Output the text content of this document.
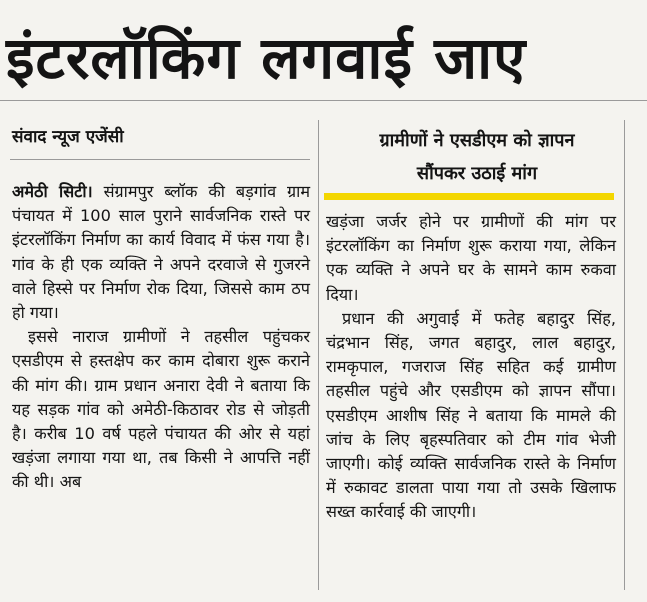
इंटरलॉकिंग लगवाई जाए
संवाद न्यूज एजेंसी

अमेठी सिटी। संग्रामपुर ब्लॉक की बड़गांव ग्राम पंचायत में 100 साल पुराने सार्वजनिक रास्ते पर इंटरलॉकिंग निर्माण का कार्य विवाद में फंस गया है। गांव के ही एक व्यक्ति ने अपने दरवाजे से गुजरने वाले हिस्से पर निर्माण रोक दिया, जिससे काम ठप हो गया।

इससे नाराज ग्रामीणों ने तहसील पहुंचकर एसडीएम से हस्तक्षेप कर काम दोबारा शुरू कराने की मांग की। ग्राम प्रधान अनारा देवी ने बताया कि यह सड़क गांव को अमेठी-किठावर रोड से जोड़ती है। करीब 10 वर्ष पहले पंचायत की ओर से यहां खड़ंजा लगाया गया था, तब किसी ने आपत्ति नहीं की थी। अब

ग्रामीणों ने एसडीएम को ज्ञापन
सौंपकर उठाई मांग

खड़ंजा जर्जर होने पर ग्रामीणों की मांग पर इंटरलॉकिंग का निर्माण शुरू कराया गया, लेकिन एक व्यक्ति ने अपने घर के सामने काम रुकवा दिया।

प्रधान की अगुवाई में फतेह बहादुर सिंह, चंद्रभान सिंह, जगत बहादुर, लाल बहादुर, रामकृपाल, गजराज सिंह सहित कई ग्रामीण तहसील पहुंचे और एसडीएम को ज्ञापन सौंपा। एसडीएम आशीष सिंह ने बताया कि मामले की जांच के लिए बृहस्पतिवार को टीम गांव भेजी जाएगी। कोई व्यक्ति सार्वजनिक रास्ते के निर्माण में रुकावट डालता पाया गया तो उसके खिलाफ सख्त कार्रवाई की जाएगी।
